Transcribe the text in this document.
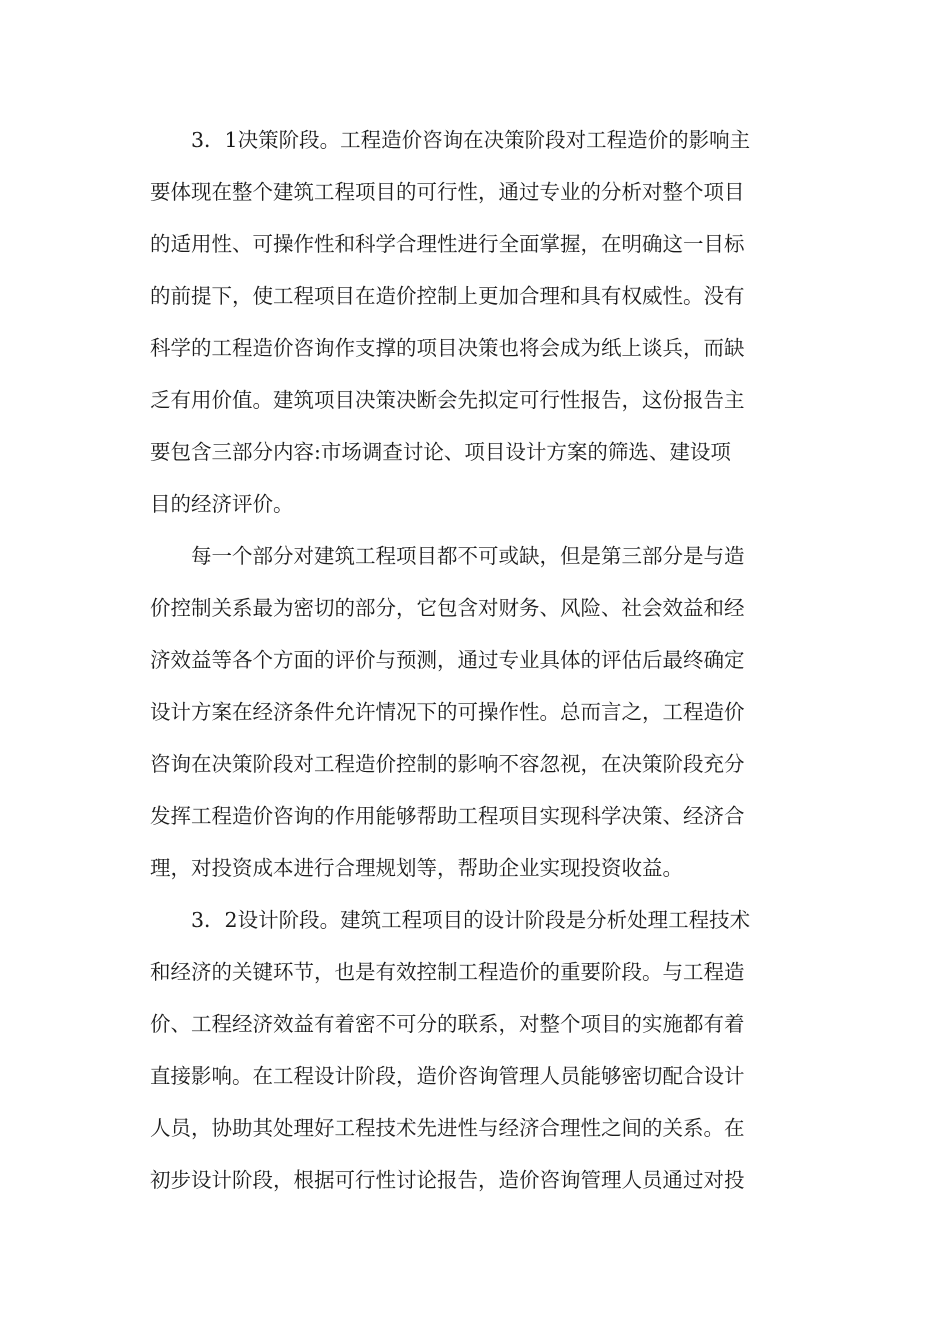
3．1决策阶段。工程造价咨询在决策阶段对工程造价的影响主
要体现在整个建筑工程项目的可行性，通过专业的分析对整个项目
的适用性、可操作性和科学合理性进行全面掌握，在明确这一目标
的前提下，使工程项目在造价控制上更加合理和具有权威性。没有
科学的工程造价咨询作支撑的项目决策也将会成为纸上谈兵，而缺
乏有用价值。建筑项目决策决断会先拟定可行性报告，这份报告主
要包含三部分内容:市场调查讨论、项目设计方案的筛选、建设项
目的经济评价。
每一个部分对建筑工程项目都不可或缺，但是第三部分是与造
价控制关系最为密切的部分，它包含对财务、风险、社会效益和经
济效益等各个方面的评价与预测，通过专业具体的评估后最终确定
设计方案在经济条件允许情况下的可操作性。总而言之，工程造价
咨询在决策阶段对工程造价控制的影响不容忽视，在决策阶段充分
发挥工程造价咨询的作用能够帮助工程项目实现科学决策、经济合
理，对投资成本进行合理规划等，帮助企业实现投资收益。
3．2设计阶段。建筑工程项目的设计阶段是分析处理工程技术
和经济的关键环节，也是有效控制工程造价的重要阶段。与工程造
价、工程经济效益有着密不可分的联系，对整个项目的实施都有着
直接影响。在工程设计阶段，造价咨询管理人员能够密切配合设计
人员，协助其处理好工程技术先进性与经济合理性之间的关系。在
初步设计阶段，根据可行性讨论报告，造价咨询管理人员通过对投
